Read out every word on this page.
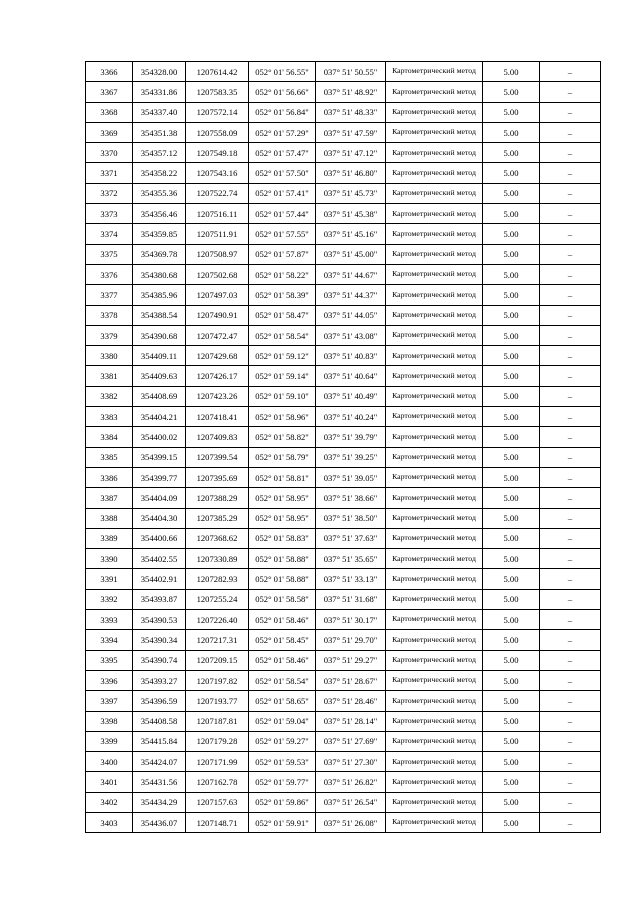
3366	354328.00	1207614.42	052° 01' 56.55"	037° 51' 50.55"	Картометрический метод	5.00	–
3367	354331.86	1207583.35	052° 01' 56.66"	037° 51' 48.92"	Картометрический метод	5.00	–
3368	354337.40	1207572.14	052° 01' 56.84"	037° 51' 48.33"	Картометрический метод	5.00	–
3369	354351.38	1207558.09	052° 01' 57.29"	037° 51' 47.59"	Картометрический метод	5.00	–
3370	354357.12	1207549.18	052° 01' 57.47"	037° 51' 47.12"	Картометрический метод	5.00	–
3371	354358.22	1207543.16	052° 01' 57.50"	037° 51' 46.80"	Картометрический метод	5.00	–
3372	354355.36	1207522.74	052° 01' 57.41"	037° 51' 45.73"	Картометрический метод	5.00	–
3373	354356.46	1207516.11	052° 01' 57.44"	037° 51' 45.38"	Картометрический метод	5.00	–
3374	354359.85	1207511.91	052° 01' 57.55"	037° 51' 45.16"	Картометрический метод	5.00	–
3375	354369.78	1207508.97	052° 01' 57.87"	037° 51' 45.00"	Картометрический метод	5.00	–
3376	354380.68	1207502.68	052° 01' 58.22"	037° 51' 44.67"	Картометрический метод	5.00	–
3377	354385.96	1207497.03	052° 01' 58.39"	037° 51' 44.37"	Картометрический метод	5.00	–
3378	354388.54	1207490.91	052° 01' 58.47"	037° 51' 44.05"	Картометрический метод	5.00	–
3379	354390.68	1207472.47	052° 01' 58.54"	037° 51' 43.08"	Картометрический метод	5.00	–
3380	354409.11	1207429.68	052° 01' 59.12"	037° 51' 40.83"	Картометрический метод	5.00	–
3381	354409.63	1207426.17	052° 01' 59.14"	037° 51' 40.64"	Картометрический метод	5.00	–
3382	354408.69	1207423.26	052° 01' 59.10"	037° 51' 40.49"	Картометрический метод	5.00	–
3383	354404.21	1207418.41	052° 01' 58.96"	037° 51' 40.24"	Картометрический метод	5.00	–
3384	354400.02	1207409.83	052° 01' 58.82"	037° 51' 39.79"	Картометрический метод	5.00	–
3385	354399.15	1207399.54	052° 01' 58.79"	037° 51' 39.25"	Картометрический метод	5.00	–
3386	354399.77	1207395.69	052° 01' 58.81"	037° 51' 39.05"	Картометрический метод	5.00	–
3387	354404.09	1207388.29	052° 01' 58.95"	037° 51' 38.66"	Картометрический метод	5.00	–
3388	354404.30	1207385.29	052° 01' 58.95"	037° 51' 38.50"	Картометрический метод	5.00	–
3389	354400.66	1207368.62	052° 01' 58.83"	037° 51' 37.63"	Картометрический метод	5.00	–
3390	354402.55	1207330.89	052° 01' 58.88"	037° 51' 35.65"	Картометрический метод	5.00	–
3391	354402.91	1207282.93	052° 01' 58.88"	037° 51' 33.13"	Картометрический метод	5.00	–
3392	354393.87	1207255.24	052° 01' 58.58"	037° 51' 31.68"	Картометрический метод	5.00	–
3393	354390.53	1207226.40	052° 01' 58.46"	037° 51' 30.17"	Картометрический метод	5.00	–
3394	354390.34	1207217.31	052° 01' 58.45"	037° 51' 29.70"	Картометрический метод	5.00	–
3395	354390.74	1207209.15	052° 01' 58.46"	037° 51' 29.27"	Картометрический метод	5.00	–
3396	354393.27	1207197.82	052° 01' 58.54"	037° 51' 28.67"	Картометрический метод	5.00	–
3397	354396.59	1207193.77	052° 01' 58.65"	037° 51' 28.46"	Картометрический метод	5.00	–
3398	354408.58	1207187.81	052° 01' 59.04"	037° 51' 28.14"	Картометрический метод	5.00	–
3399	354415.84	1207179.28	052° 01' 59.27"	037° 51' 27.69"	Картометрический метод	5.00	–
3400	354424.07	1207171.99	052° 01' 59.53"	037° 51' 27.30"	Картометрический метод	5.00	–
3401	354431.56	1207162.78	052° 01' 59.77"	037° 51' 26.82"	Картометрический метод	5.00	–
3402	354434.29	1207157.63	052° 01' 59.86"	037° 51' 26.54"	Картометрический метод	5.00	–
3403	354436.07	1207148.71	052° 01' 59.91"	037° 51' 26.08"	Картометрический метод	5.00	–
